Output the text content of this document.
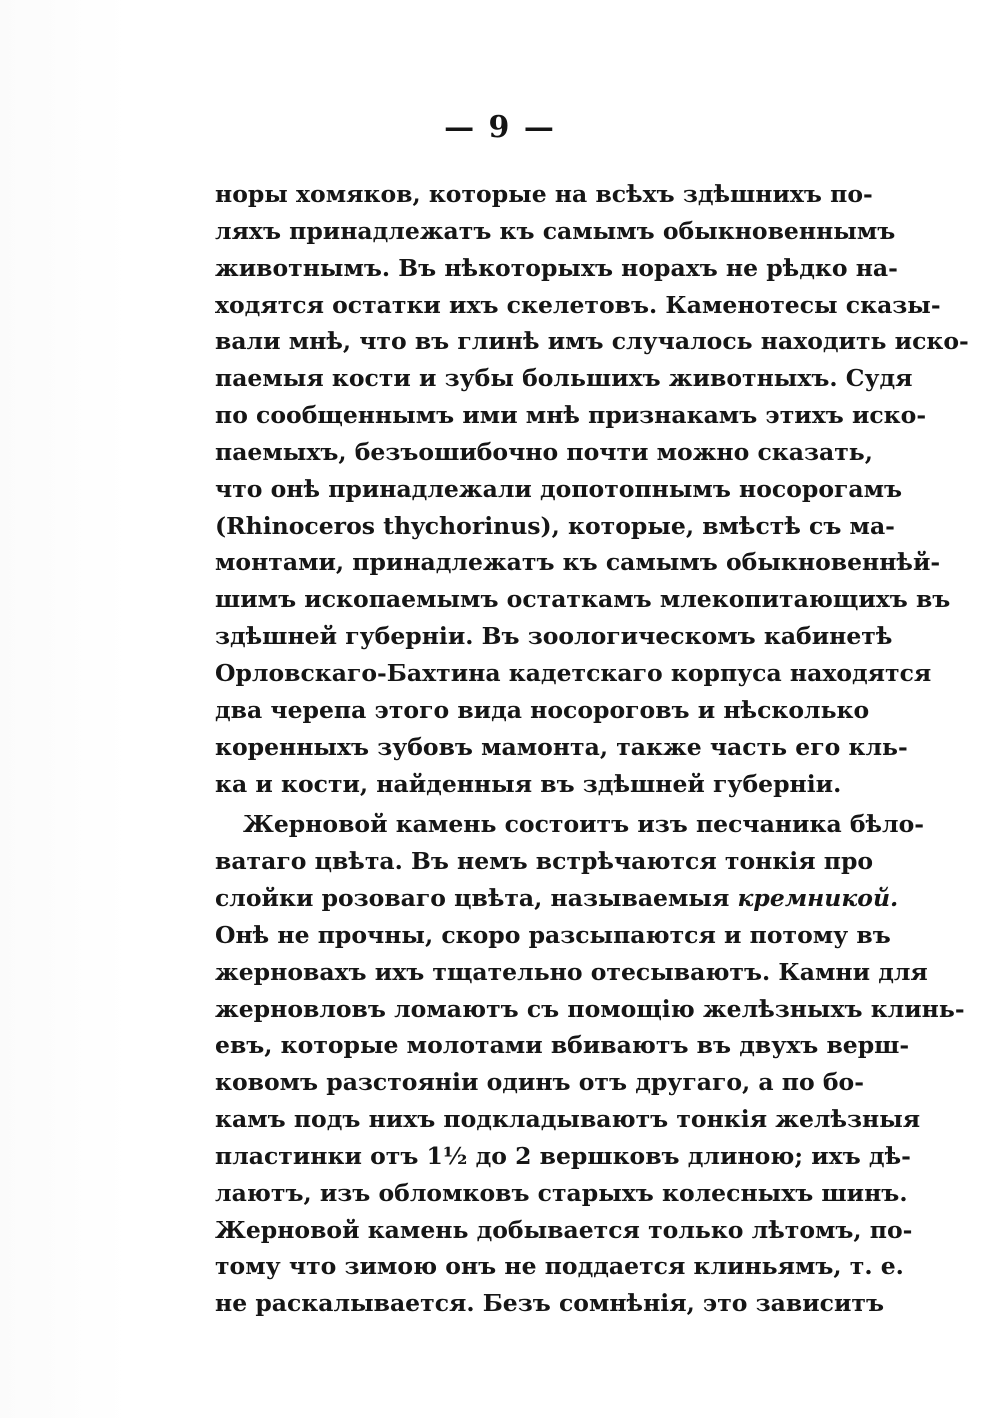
— 9 —
норы хомяков, которые на всѣхъ здѣшнихъ по-
ляхъ принадлежатъ къ самымъ обыкновеннымъ
животнымъ. Въ нѣкоторыхъ норахъ не рѣдко на-
ходятся остатки ихъ скелетовъ. Каменотесы сказы-
вали мнѣ, что въ глинѣ имъ случалось находить иско-
паемыя кости и зубы большихъ животныхъ. Судя
по сообщеннымъ ими мнѣ признакамъ этихъ иско-
паемыхъ, безъошибочно почти можно сказать,
что онѣ принадлежали допотопнымъ носорогамъ
(Rhinoceros thychorinus), которые, вмѣстѣ съ ма-
монтами, принадлежатъ къ самымъ обыкновеннѣй-
шимъ ископаемымъ остаткамъ млекопитающихъ въ
здѣшней губерніи. Въ зоологическомъ кабинетѣ
Орловскаго-Бахтина кадетскаго корпуса находятся
два черепа этого вида носороговъ и нѣсколько
коренныхъ зубовъ мамонта, также часть его кль-
ка и кости, найденныя въ здѣшней губерніи.
Жерновой камень состоитъ изъ песчаника бѣло-
ватаго цвѣта. Въ немъ встрѣчаются тонкія про
слойки розоваго цвѣта, называемыя кремникой.
Онѣ не прочны, скоро разсыпаются и потому въ
жерновахъ ихъ тщательно отесываютъ. Камни для
жерновловъ ломаютъ съ помощію желѣзныхъ клинь-
евъ, которые молотами вбиваютъ въ двухъ верш-
ковомъ разстояніи одинъ отъ другаго, а по бо-
камъ подъ нихъ подкладываютъ тонкія желѣзныя
пластинки отъ 1½ до 2 вершковъ длиною; ихъ дѣ-
лаютъ, изъ обломковъ старыхъ колесныхъ шинъ.
Жерновой камень добывается только лѣтомъ, по-
тому что зимою онъ не поддается клиньямъ, т. е.
не раскалывается. Безъ сомнѣнія, это зависитъ
